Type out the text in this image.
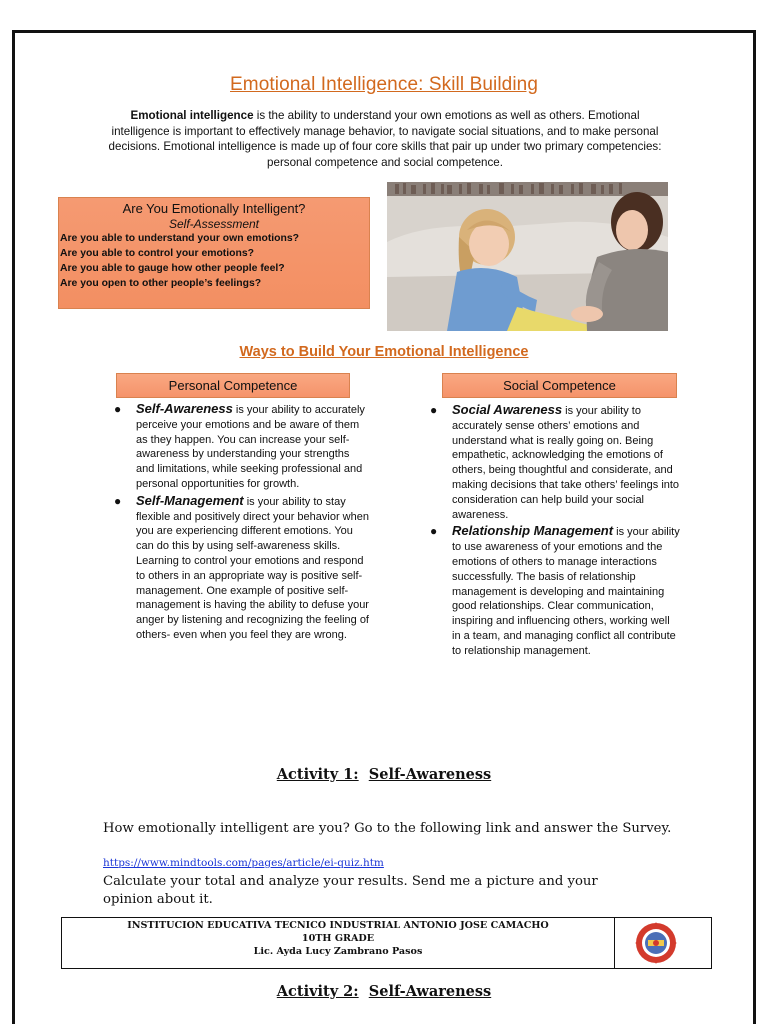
Emotional Intelligence: Skill Building

Emotional intelligence is the ability to understand your own emotions as well as others. Emotional intelligence is important to effectively manage behavior, to navigate social situations, and to make personal decisions. Emotional intelligence is made up of four core skills that pair up under two primary competencies: personal competence and social competence.

Are You Emotionally Intelligent?
Self-Assessment
Are you able to understand your own emotions?
Are you able to control your emotions?
Are you able to gauge how other people feel?
Are you open to other people’s feelings?
Ways to Build Your Emotional Intelligence
Personal Competence	Social Competence
● Self-Awareness is your ability to accurately perceive your emotions and be aware of them as they happen. You can increase your self-awareness by understanding your strengths and limitations, while seeking professional and personal opportunities for growth.
● Self-Management is your ability to stay flexible and positively direct your behavior when you are experiencing different emotions. You can do this by using self-awareness skills. Learning to control your emotions and respond to others in an appropriate way is positive self-management. One example of positive self-management is having the ability to defuse your anger by listening and recognizing the feeling of others- even when you feel they are wrong.
● Social Awareness is your ability to accurately sense others’ emotions and understand what is really going on. Being empathetic, acknowledging the emotions of others, being thoughtful and considerate, and making decisions that take others’ feelings into consideration can help build your social awareness.
● Relationship Management is your ability to use awareness of your emotions and the emotions of others to manage interactions successfully. The basis of relationship management is developing and maintaining good relationships. Clear communication, inspiring and influencing others, working well in a team, and managing conflict all contribute to relationship management.
Activity 1: Self-Awareness

How emotionally intelligent are you? Go to the following link and answer the Survey.

https://www.mindtools.com/pages/article/ei-quiz.htm

Calculate your total and analyze your results. Send me a picture and your opinion about it.

INSTITUCION EDUCATIVA TECNICO INDUSTRIAL ANTONIO JOSE CAMACHO
10TH GRADE
Lic. Ayda Lucy Zambrano Pasos
Activity 2: Self-Awareness
